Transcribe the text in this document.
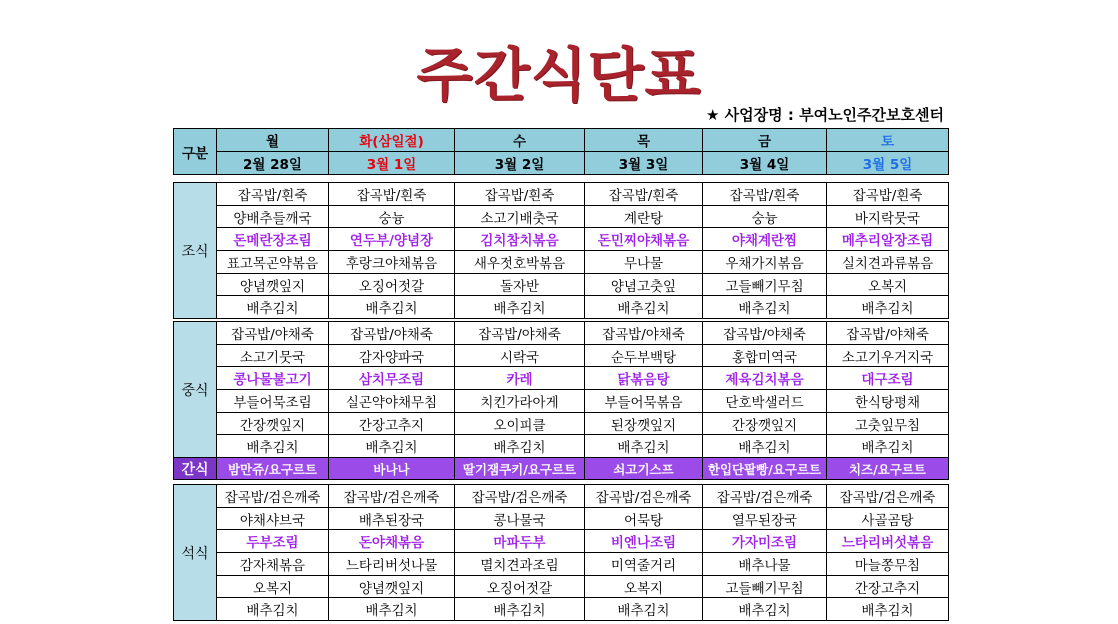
주간식단표
★ 사업장명 : 부여노인주간보호센터
구분	월	화(삼일절)	수	목	금	토
	2월 28일	3월 1일	3월 2일	3월 3일	3월 4일	3월 5일
조식	잡곡밥/흰죽	잡곡밥/흰죽	잡곡밥/흰죽	잡곡밥/흰죽	잡곡밥/흰죽	잡곡밥/흰죽
	양배추들깨국	숭늉	소고기배춧국	계란탕	숭늉	바지락뭇국
	돈메란장조림	연두부/양념장	김치참치볶음	돈민찌야채볶음	야채계란찜	메추리알장조림
	표고목곤약볶음	후랑크야채볶음	새우젓호박볶음	무나물	우채가지볶음	실치견과류볶음
	양념깻잎지	오징어젓갈	돌자반	양념고춧잎	고들빼기무침	오복지
	배추김치	배추김치	배추김치	배추김치	배추김치	배추김치
중식	잡곡밥/야채죽	잡곡밥/야채죽	잡곡밥/야채죽	잡곡밥/야채죽	잡곡밥/야채죽	잡곡밥/야채죽
	소고기뭇국	감자양파국	시락국	순두부백탕	홍합미역국	소고기우거지국
	콩나물불고기	삼치무조림	카레	닭볶음탕	제육김치볶음	대구조림
	부들어묵조림	실곤약야채무침	치킨가라아게	부들어묵볶음	단호박샐러드	한식탕평채
	간장깻잎지	간장고추지	오이피클	된장깻잎지	간장깻잎지	고춧잎무침
	배추김치	배추김치	배추김치	배추김치	배추김치	배추김치
간식	밤만쥬/요구르트	바나나	딸기잼쿠키/요구르트	쇠고기스프	한입단팥빵/요구르트	치즈/요구르트
석식	잡곡밥/검은깨죽	잡곡밥/검은깨죽	잡곡밥/검은깨죽	잡곡밥/검은깨죽	잡곡밥/검은깨죽	잡곡밥/검은깨죽
	야채샤브국	배추된장국	콩나물국	어묵탕	열무된장국	사골곰탕
	두부조림	돈야채볶음	마파두부	비엔나조림	가자미조림	느타리버섯볶음
	감자채볶음	느타리버섯나물	멸치견과조림	미역줄거리	배추나물	마늘쫑무침
	오복지	양념깻잎지	오징어젓갈	오복지	고들빼기무침	간장고추지
	배추김치	배추김치	배추김치	배추김치	배추김치	배추김치
